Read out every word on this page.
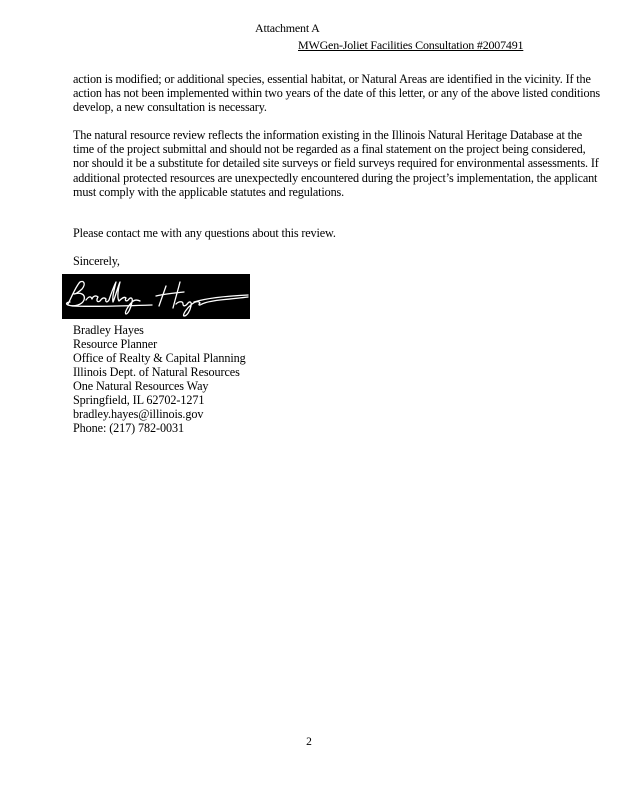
Attachment A
MWGen-Joliet Facilities Consultation #2007491
action is modified; or additional species, essential habitat, or Natural Areas are identified in the vicinity. If the action has not been implemented within two years of the date of this letter, or any of the above listed conditions develop, a new consultation is necessary.
The natural resource review reflects the information existing in the Illinois Natural Heritage Database at the time of the project submittal and should not be regarded as a final statement on the project being considered, nor should it be a substitute for detailed site surveys or field surveys required for environmental assessments. If additional protected resources are unexpectedly encountered during the project’s implementation, the applicant must comply with the applicable statutes and regulations.
Please contact me with any questions about this review.
Sincerely,
Bradley Hayes
Resource Planner
Office of Realty & Capital Planning
Illinois Dept. of Natural Resources
One Natural Resources Way
Springfield, IL 62702-1271
bradley.hayes@illinois.gov
Phone: (217) 782-0031
2
